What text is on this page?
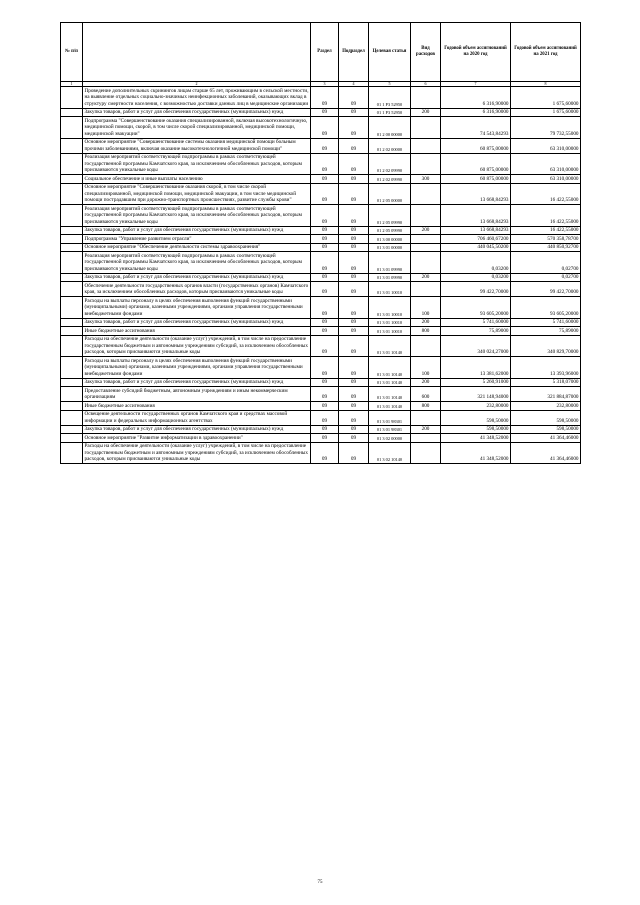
№ п/п		Раздел	Подраздел	Целевая статья	Вид расходов	Годовой объем ассигнований на 2020 год	Годовой объем ассигнований на 2021 год
1	2	3	4	5	6	7	8
	Проведение дополнительных скринингов лицам старше 65 лет, проживающим в сельской местности, на выявление отдельных социально-значимых неинфекционных заболеваний, оказывающих вклад в структуру смертности населения, с возможностью доставки данных лиц в медицинские организации	09	09	01 1 P3 52950		6 316,90000	1 675,60000
	Закупка товаров, работ и услуг для обеспечения государственных (муниципальных) нужд	09	09	01 1 P3 52950	200	6 316,90000	1 675,60000
	Подпрограмма "Совершенствование оказания специализированной, включая высокотехнологичную, медицинской помощи, скорой, в том числе скорой специализированной, медицинской помощи, медицинской эвакуации"	09	09	01 2 00 00000		74 543,84293	79 732,55000
	Основное мероприятие "Совершенствование системы оказания медицинской помощи больным прочими заболеваниями, включая оказание высокотехнологичной медицинской помощи"	09	09	01 2 02 00000		60 875,00000	63 310,00000
	Реализация мероприятий соответствующей подпрограммы в рамках соответствующей государственной программы Камчатского края, за исключением обособленных расходов, которым присваиваются уникальные коды	09	09	01 2 02 09990		60 875,00000	63 310,00000
	Социальное обеспечение и иные выплаты населению	09	09	01 2 02 09990	300	60 875,00000	63 310,00000
	Основное мероприятие "Совершенствование оказания скорой, в том числе скорой специализированной, медицинской помощи, медицинской эвакуации, в том числе медицинской помощи пострадавшим при дорожно-транспортных происшествиях, развитие службы крови"	09	09	01 2 05 00000		13 668,84293	16 422,55000
	Реализация мероприятий соответствующей подпрограммы в рамках соответствующей государственной программы Камчатского края, за исключением обособленных расходов, которым присваиваются уникальные коды	09	09	01 2 05 09990		13 668,84293	16 422,55000
	Закупка товаров, работ и услуг для обеспечения государственных (муниципальных) нужд	09	09	01 2 05 09990	200	13 668,84293	16 422,55000
	Подпрограмма "Управление развитием отрасли"	09	09	01 3 00 00000		706 460,67200	570 358,78700
	Основное мероприятие "Обеспечение деятельности системы здравоохранения"	09	09	01 3 01 00000		440 045,50200	440 850,92700
	Реализация мероприятий соответствующей подпрограммы в рамках соответствующей государственной программы Камчатского края, за исключением обособленных расходов, которым присваиваются уникальные коды	09	09	01 3 01 09990		0,03200	0,02700
	Закупка товаров, работ и услуг для обеспечения государственных (муниципальных) нужд	09	09	01 3 01 09990	200	0,03200	0,02700
	Обеспечение деятельности государственных органов власти (государственных органов) Камчатского края, за исключением обособленных расходов, которым присваиваются уникальные коды	09	09	01 3 01 10010		99 422,70000	99 422,70000
	Расходы на выплаты персоналу в целях обеспечения выполнения функций государственными (муниципальными) органами, казенными учреждениями, органами управления государственными внебюджетными фондами	09	09	01 3 01 10010	100	93 605,20000	93 605,20000
	Закупка товаров, работ и услуг для обеспечения государственных (муниципальных) нужд	09	09	01 3 01 10010	200	5 741,60000	5 741,60000
	Иные бюджетные ассигнования	09	09	01 3 01 10010	800	75,89000	75,89000
	Расходы на обеспечение деятельности (оказание услуг) учреждений, в том числе на предоставление государственным бюджетным и автономным учреждениям субсидий, за исключением обособленных расходов, которым присваиваются уникальные коды	09	09	01 3 01 10140		340 024,27000	340 829,70000
	Расходы на выплаты персоналу в целях обеспечения выполнения функций государственными (муниципальными) органами, казенными учреждениями, органами управления государственными внебюджетными фондами	09	09	01 3 01 10140	100	13 381,62000	13 393,96000
	Закупка товаров, работ и услуг для обеспечения государственных (муниципальных) нужд	09	09	01 3 01 10140	200	5 260,91000	5 318,07000
	Предоставление субсидий бюджетным, автономным учреждениям и иным некоммерческим организациям	09	09	01 3 01 10140	600	321 148,94000	321 884,87000
	Иные бюджетные ассигнования	09	09	01 3 01 10140	800	232,80000	232,80000
	Освещение деятельности государственных органов Камчатского края и средствах массовой информации и федеральных информационных агентствах	09	09	01 3 01 98301		598,50000	598,50000
	Закупка товаров, работ и услуг для обеспечения государственных (муниципальных) нужд	09	09	01 3 01 98301	200	598,50000	598,50000
	Основное мероприятие "Развитие информатизации в здравоохранении"	09	09	01 3 02 00000		41 348,52000	41 364,46000
	Расходы на обеспечение деятельности (оказание услуг) учреждений, в том числе на предоставление государственным бюджетным и автономным учреждениям субсидий, за исключением обособленных расходов, которым присваиваются уникальные коды	09	09	01 3 02 10140		41 348,52000	41 364,46000
75
